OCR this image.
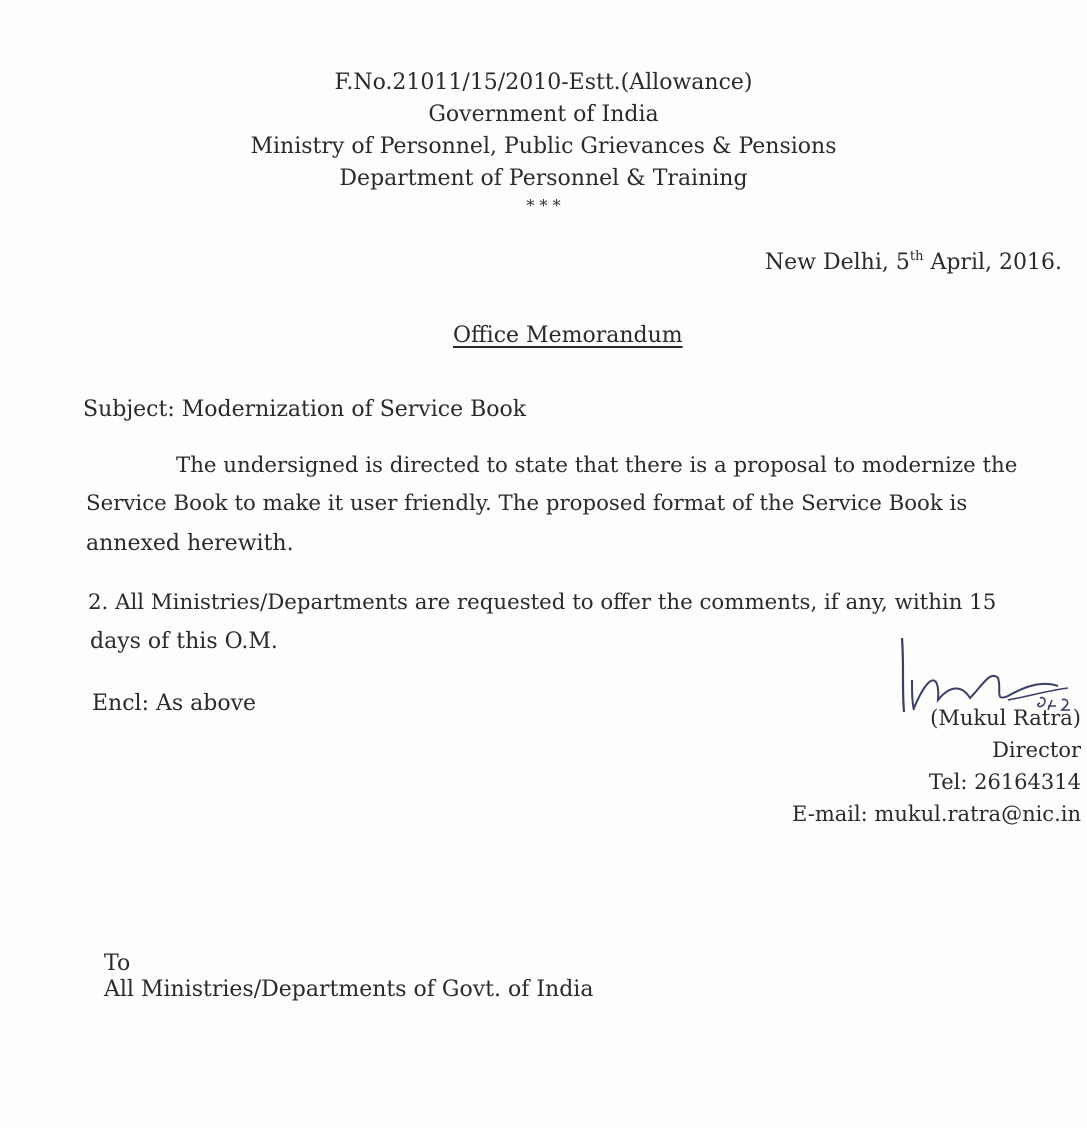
F.No.21011/15/2010-Estt.(Allowance)
Government of India
Ministry of Personnel, Public Grievances & Pensions
Department of Personnel & Training
* * *
New Delhi, 5th April, 2016.
Office Memorandum
Subject: Modernization of Service Book
The undersigned is directed to state that there is a proposal to modernize the
Service Book to make it user friendly. The proposed format of the Service Book is
annexed herewith.
2. All Ministries/Departments are requested to offer the comments, if any, within 15
days of this O.M.
Encl: As above
(Mukul Ratra)
Director
Tel: 26164314
E-mail: mukul.ratra@nic.in
To
All Ministries/Departments of Govt. of India
